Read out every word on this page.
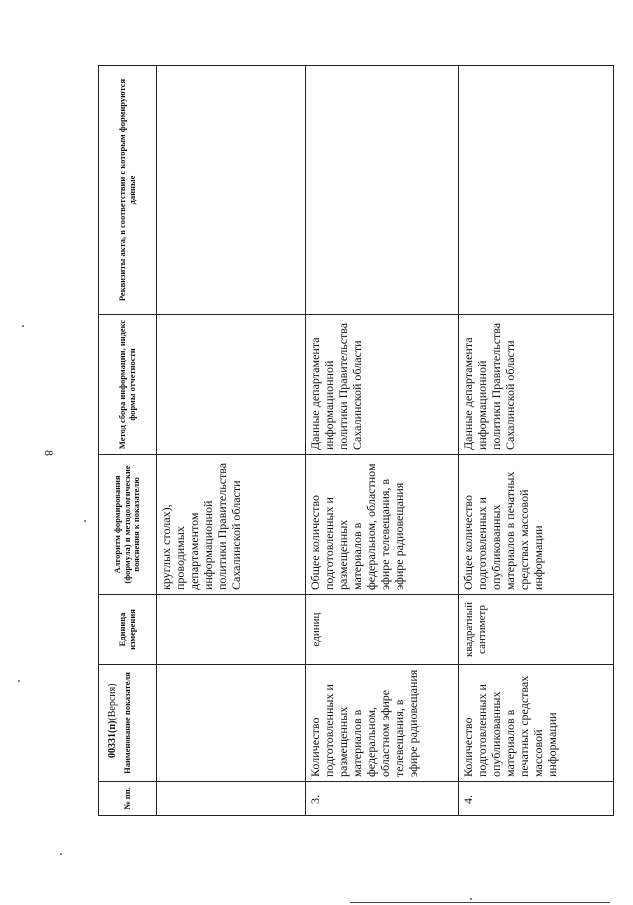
8
№ пп.	Наименование показателя	Единица измерения	Алгоритм формирования (формула) и методологические пояснения к показателю	Метод сбора информации, индекс формы отчетности	Реквизиты акта, в соответствии с которым формируются данные
			круглых столах), проводимых департаментом информационной политики Правительства Сахалинской области		
3.	Количество подготовленных и размещенных материалов в федеральном, областном эфире телевещания, в эфире радиовещания	единиц	Общее количество подготовленных и размещенных материалов в федеральном, областном эфире телевещания, в эфире радиовещания	Данные департамента информационной политики Правительства Сахалинской области	
4.	Количество подготовленных и опубликованных материалов в печатных средствах массовой информации	квадратный сантиметр	Общее количество подготовленных и опубликованных материалов в печатных средствах массовой информации	Данные департамента информационной политики Правительства Сахалинской области	
00331(п)(Версия)
